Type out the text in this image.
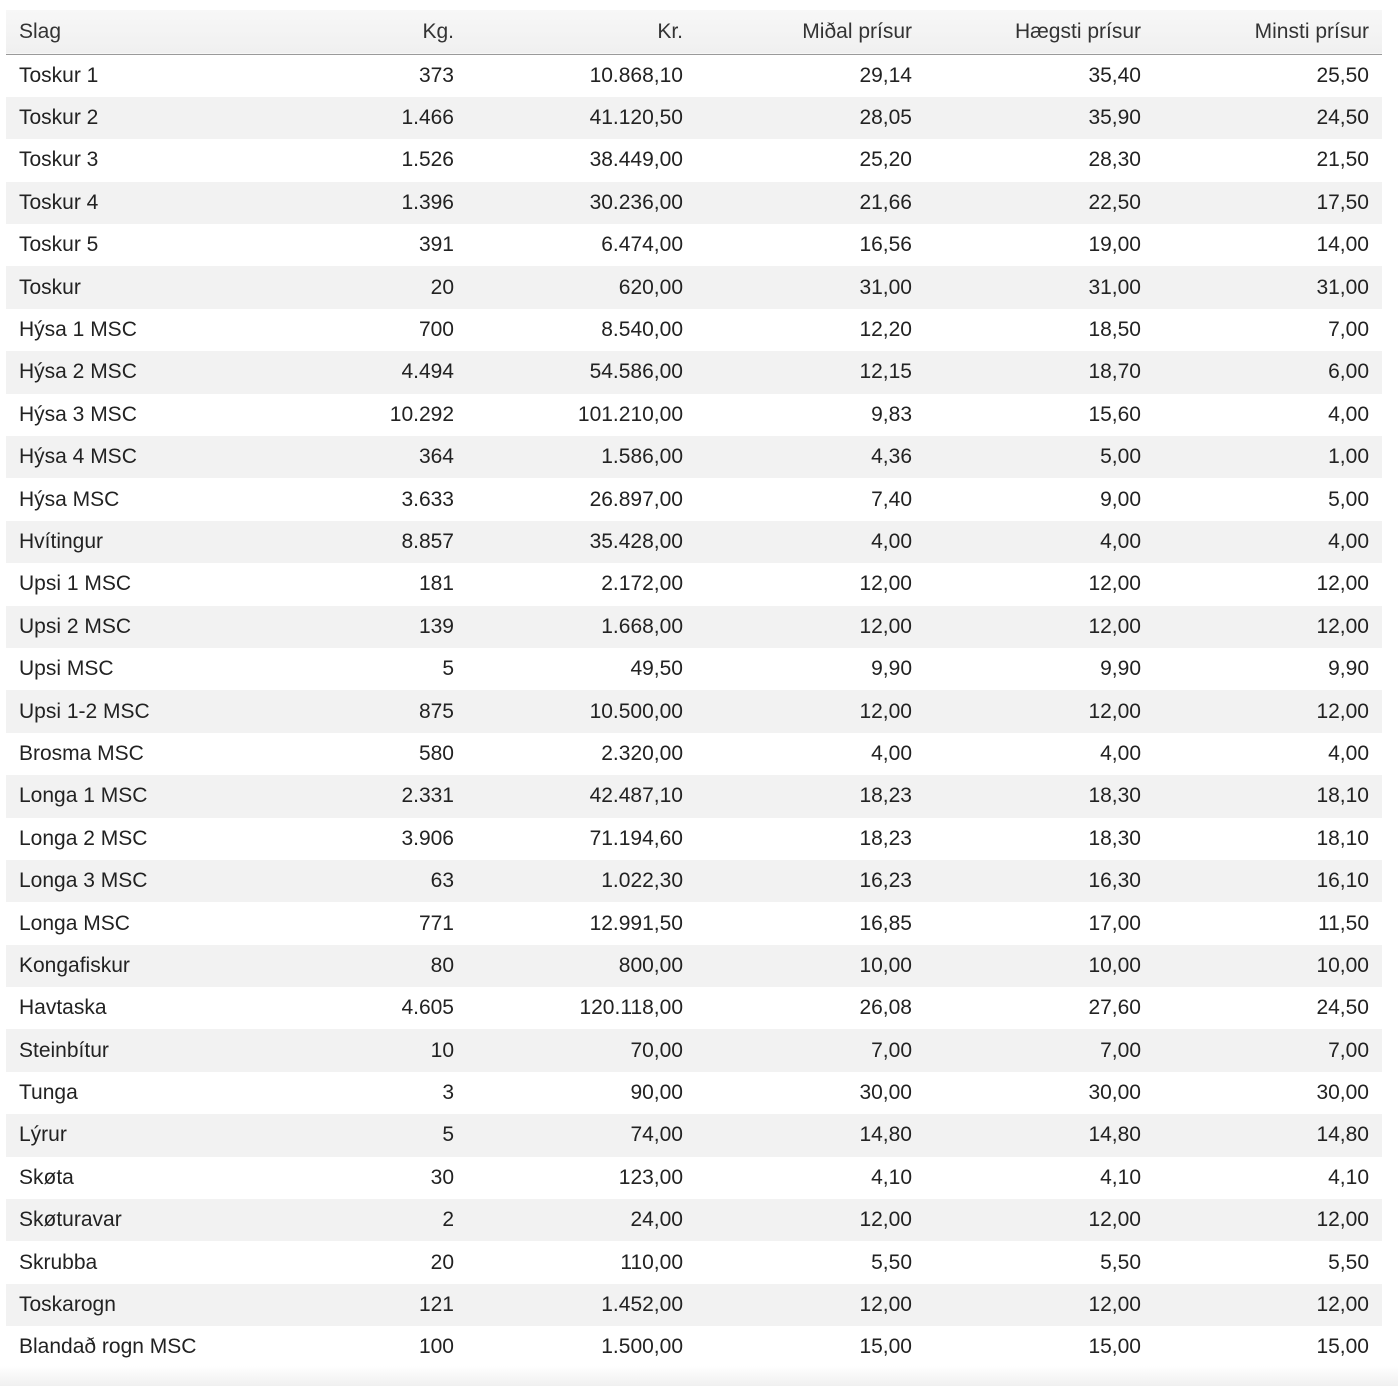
Slag	Kg.	Kr.	Miðal prísur	Hægsti prísur	Minsti prísur
Toskur 1	373	10.868,10	29,14	35,40	25,50
Toskur 2	1.466	41.120,50	28,05	35,90	24,50
Toskur 3	1.526	38.449,00	25,20	28,30	21,50
Toskur 4	1.396	30.236,00	21,66	22,50	17,50
Toskur 5	391	6.474,00	16,56	19,00	14,00
Toskur	20	620,00	31,00	31,00	31,00
Hýsa 1 MSC	700	8.540,00	12,20	18,50	7,00
Hýsa 2 MSC	4.494	54.586,00	12,15	18,70	6,00
Hýsa 3 MSC	10.292	101.210,00	9,83	15,60	4,00
Hýsa 4 MSC	364	1.586,00	4,36	5,00	1,00
Hýsa MSC	3.633	26.897,00	7,40	9,00	5,00
Hvítingur	8.857	35.428,00	4,00	4,00	4,00
Upsi 1 MSC	181	2.172,00	12,00	12,00	12,00
Upsi 2 MSC	139	1.668,00	12,00	12,00	12,00
Upsi MSC	5	49,50	9,90	9,90	9,90
Upsi 1-2 MSC	875	10.500,00	12,00	12,00	12,00
Brosma MSC	580	2.320,00	4,00	4,00	4,00
Longa 1 MSC	2.331	42.487,10	18,23	18,30	18,10
Longa 2 MSC	3.906	71.194,60	18,23	18,30	18,10
Longa 3 MSC	63	1.022,30	16,23	16,30	16,10
Longa MSC	771	12.991,50	16,85	17,00	11,50
Kongafiskur	80	800,00	10,00	10,00	10,00
Havtaska	4.605	120.118,00	26,08	27,60	24,50
Steinbítur	10	70,00	7,00	7,00	7,00
Tunga	3	90,00	30,00	30,00	30,00
Lýrur	5	74,00	14,80	14,80	14,80
Skøta	30	123,00	4,10	4,10	4,10
Skøturavar	2	24,00	12,00	12,00	12,00
Skrubba	20	110,00	5,50	5,50	5,50
Toskarogn	121	1.452,00	12,00	12,00	12,00
Blandað rogn MSC	100	1.500,00	15,00	15,00	15,00
